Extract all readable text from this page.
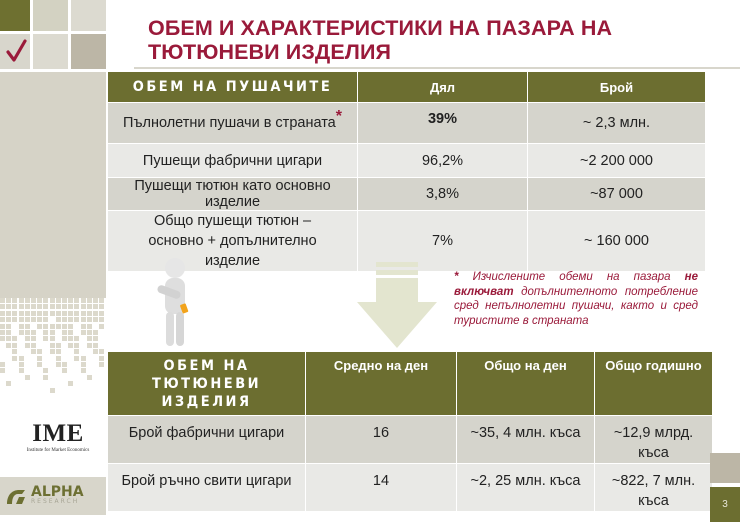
ОБЕМ И ХАРАКТЕРИСТИКИ НА ПАЗАРА НА ТЮТЮНЕВИ ИЗДЕЛИЯ
ОБЕМ НА ПУШАЧИТЕ	Дял	Брой
Пълнолетни пушачи в страната*	39%	~ 2,3 млн.
Пушещи фабрични цигари	96,2%	~2 200 000
Пушещи тютюн като основно изделие	3,8%	~87 000
Общо пушещи тютюн – основно + допълнително изделие	7%	~ 160 000
* Изчислените обеми на пазара не включват допълнителното потребление сред непълнолетни пушачи, както и сред туристите в страната
ОБЕМ НА ТЮТЮНЕВИ ИЗДЕЛИЯ	Средно на ден	Общо на ден	Общо годишно
Брой фабрични цигари	16	~35, 4 млн. къса	~12,9 млрд. къса
Брой ръчно свити цигари	14	~2, 25 млн. къса	~822, 7 млн. къса
IME
Institute for Market Economics
ALPHA
RESEARCH	3
